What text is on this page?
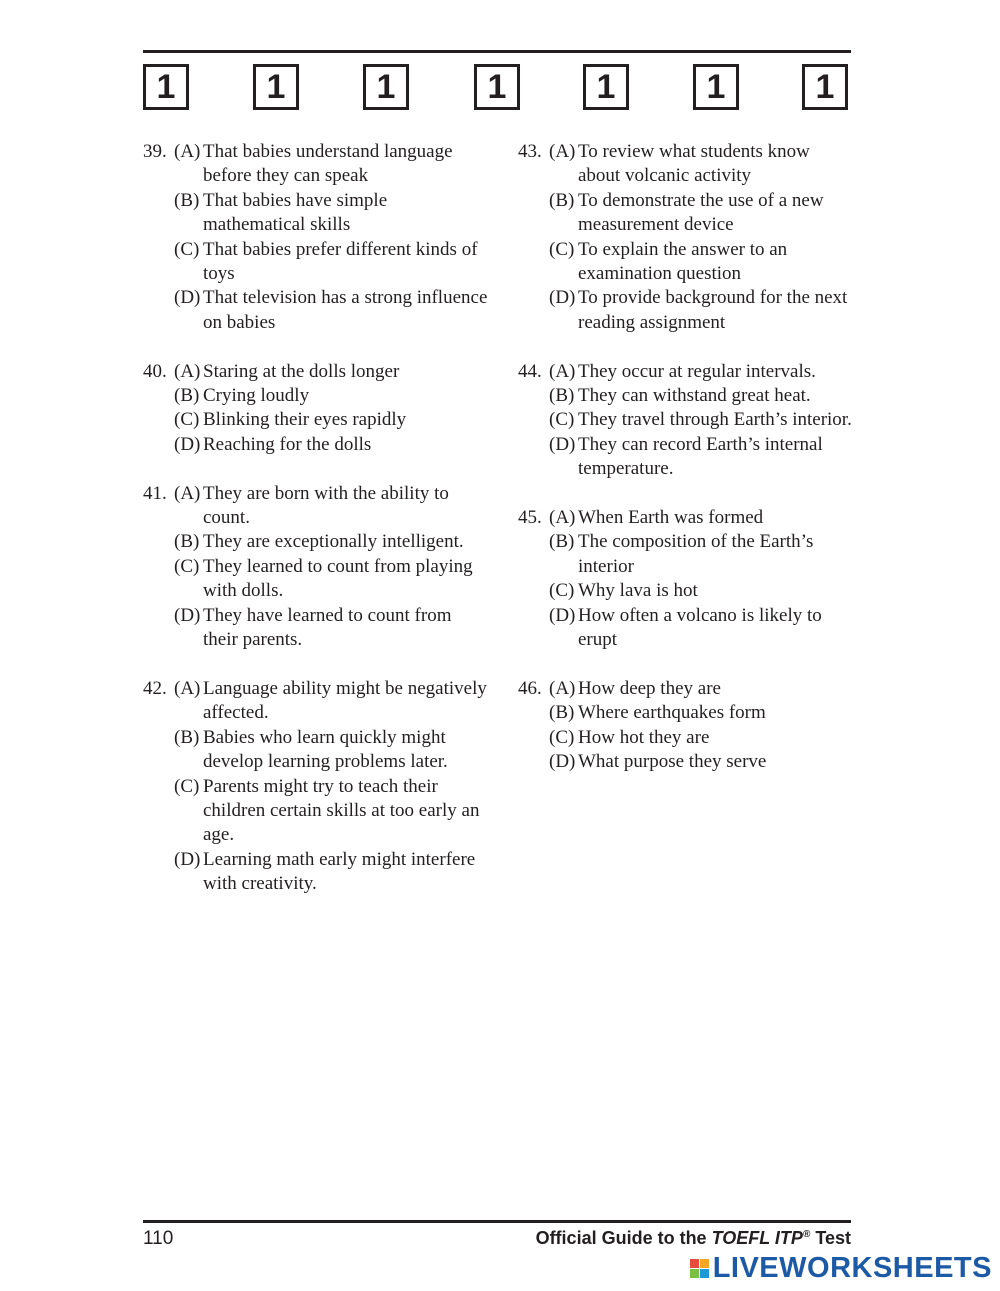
1	1	1	1	1	1	1
39. (A) That babies understand language before they can speak
(B) That babies have simple mathematical skills
(C) That babies prefer different kinds of toys
(D) That television has a strong influence on babies
40. (A) Staring at the dolls longer
(B) Crying loudly
(C) Blinking their eyes rapidly
(D) Reaching for the dolls
41. (A) They are born with the ability to count.
(B) They are exceptionally intelligent.
(C) They learned to count from playing with dolls.
(D) They have learned to count from their parents.
42. (A) Language ability might be negatively affected.
(B) Babies who learn quickly might develop learning problems later.
(C) Parents might try to teach their children certain skills at too early an age.
(D) Learning math early might interfere with creativity.
43. (A) To review what students know about volcanic activity
(B) To demonstrate the use of a new measurement device
(C) To explain the answer to an examination question
(D) To provide background for the next reading assignment
44. (A) They occur at regular intervals.
(B) They can withstand great heat.
(C) They travel through Earth’s interior.
(D) They can record Earth’s internal temperature.
45. (A) When Earth was formed
(B) The composition of the Earth’s interior
(C) Why lava is hot
(D) How often a volcano is likely to erupt
46. (A) How deep they are
(B) Where earthquakes form
(C) How hot they are
(D) What purpose they serve
110	Official Guide to the TOEFL ITP® Test
LIVEWORKSHEETS
